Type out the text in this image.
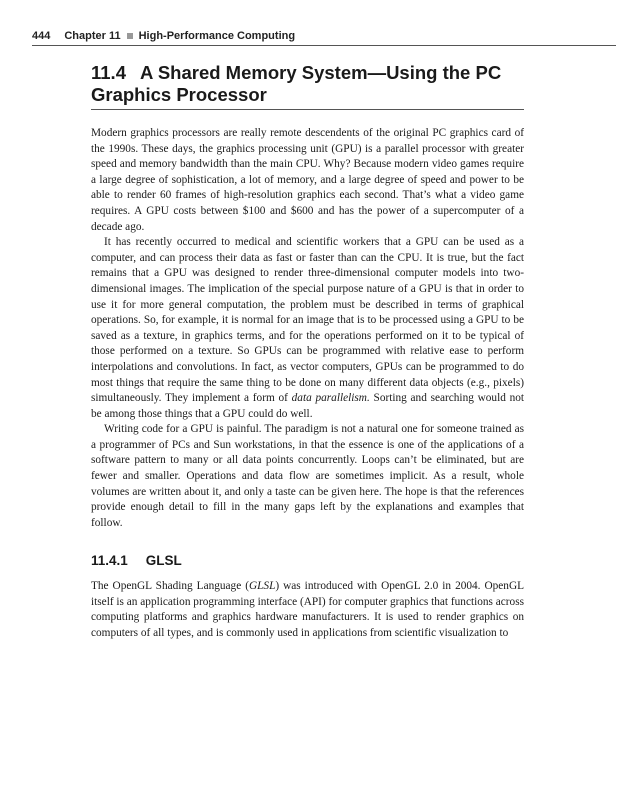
444 Chapter 11 High-Performance Computing
11.4 A Shared Memory System—Using the PC Graphics Processor

Modern graphics processors are really remote descendents of the original PC graphics card of the 1990s. These days, the graphics processing unit (GPU) is a parallel processor with greater speed and memory bandwidth than the main CPU. Why? Because modern video games require a large degree of sophistication, a lot of memory, and a large degree of speed and power to be able to render 60 frames of high-resolution graphics each second. That’s what a video game requires. A GPU costs between $100 and $600 and has the power of a supercomputer of a decade ago.

It has recently occurred to medical and scientific workers that a GPU can be used as a computer, and can process their data as fast or faster than can the CPU. It is true, but the fact remains that a GPU was designed to render three-dimensional computer models into two-dimensional images. The implication of the special purpose nature of a GPU is that in order to use it for more general computation, the problem must be described in terms of graphical operations. So, for example, it is normal for an image that is to be processed using a GPU to be saved as a texture, in graphics terms, and for the operations performed on it to be typical of those performed on a texture. So GPUs can be programmed with relative ease to perform interpolations and convolutions. In fact, as vector computers, GPUs can be programmed to do most things that require the same thing to be done on many different data objects (e.g., pixels) simultaneously. They implement a form of data parallelism. Sorting and searching would not be among those things that a GPU could do well.

Writing code for a GPU is painful. The paradigm is not a natural one for someone trained as a programmer of PCs and Sun workstations, in that the essence is one of the applications of a software pattern to many or all data points concurrently. Loops can’t be eliminated, but are fewer and smaller. Operations and data flow are sometimes implicit. As a result, whole volumes are written about it, and only a taste can be given here. The hope is that the references provide enough detail to fill in the many gaps left by the explanations and examples that follow.

11.4.1 GLSL

The OpenGL Shading Language (GLSL) was introduced with OpenGL 2.0 in 2004. OpenGL itself is an application programming interface (API) for computer graphics that functions across computing platforms and graphics hardware manufacturers. It is used to render graphics on computers of all types, and is commonly used in applications from scientific visualization to
